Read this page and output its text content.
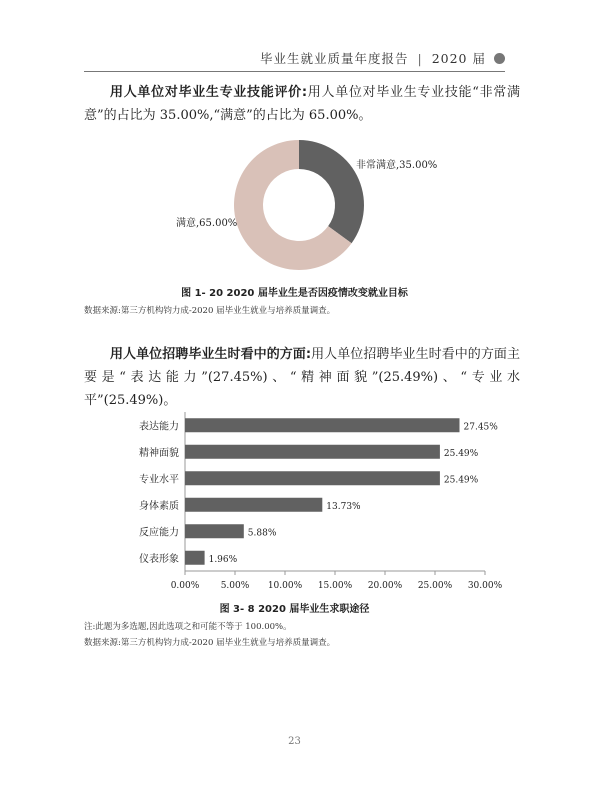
毕业生就业质量年度报告 | 2020 届

用人单位对毕业生专业技能评价:用人单位对毕业生专业技能“非常满意”的占比为 35.00%,“满意”的占比为 65.00%。

非常满意,35.00%
满意,65.00%
图 1- 20 2020 届毕业生是否因疫情改变就业目标
数据来源:第三方机构钧力成-2020 届毕业生就业与培养质量调查。

用人单位招聘毕业生时看中的方面:用人单位招聘毕业生时看中的方面主要是“表达能力”(27.45%)、“精神面貌”(25.49%)、“专业水平”(25.49%)。

表达能力	27.45%
精神面貌	25.49%
专业水平	25.49%
身体素质	13.73%
反应能力	5.88%
仪表形象	1.96%
0.00% 5.00% 10.00% 15.00% 20.00% 25.00% 30.00%
图 3- 8 2020 届毕业生求职途径
注:此题为多选题,因此选项之和可能不等于 100.00%。
数据来源:第三方机构钧力成-2020 届毕业生就业与培养质量调查。
23
